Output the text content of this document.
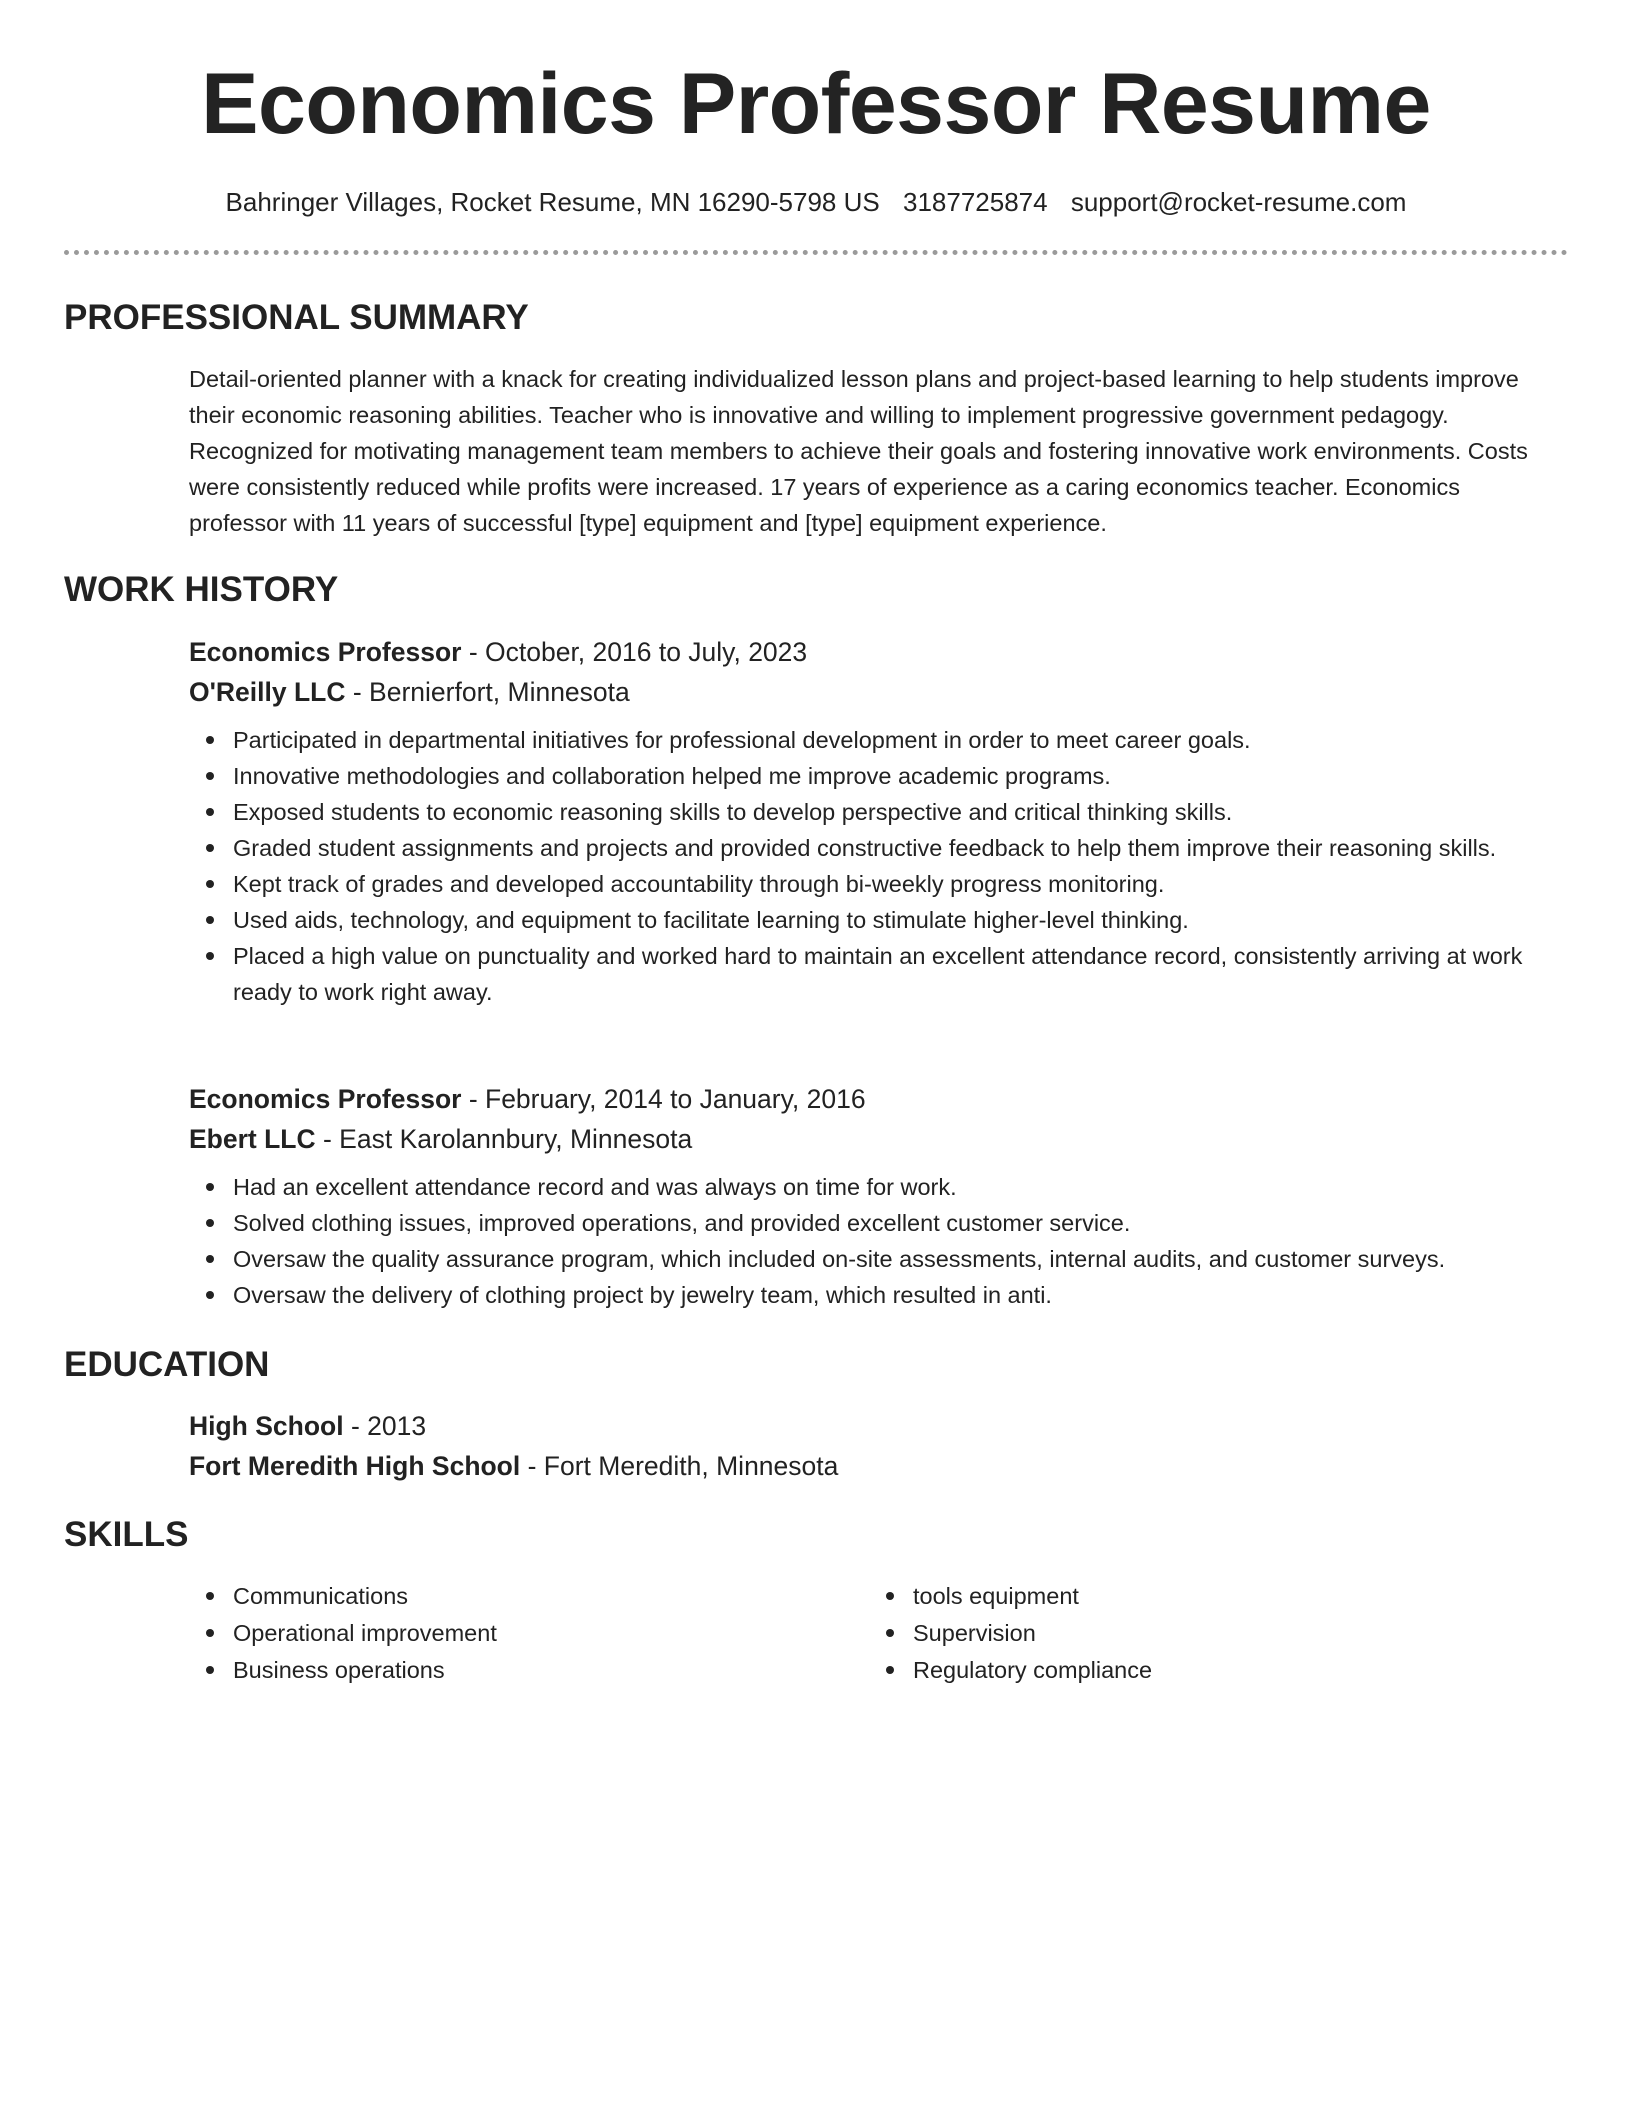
Economics Professor Resume
Bahringer Villages, Rocket Resume, MN 16290-5798 US 3187725874 support@rocket-resume.com
PROFESSIONAL SUMMARY

Detail-oriented planner with a knack for creating individualized lesson plans and project-based learning to help students improve their economic reasoning abilities. Teacher who is innovative and willing to implement progressive government pedagogy. Recognized for motivating management team members to achieve their goals and fostering innovative work environments. Costs were consistently reduced while profits were increased. 17 years of experience as a caring economics teacher. Economics professor with 11 years of successful [type] equipment and [type] equipment experience.

WORK HISTORY

Economics Professor - October, 2016 to July, 2023

O'Reilly LLC - Bernierfort, Minnesota

Participated in departmental initiatives for professional development in order to meet career goals.
Innovative methodologies and collaboration helped me improve academic programs.
Exposed students to economic reasoning skills to develop perspective and critical thinking skills.
Graded student assignments and projects and provided constructive feedback to help them improve their reasoning skills.
Kept track of grades and developed accountability through bi-weekly progress monitoring.
Used aids, technology, and equipment to facilitate learning to stimulate higher-level thinking.
Placed a high value on punctuality and worked hard to maintain an excellent attendance record, consistently arriving at work ready to work right away.

Economics Professor - February, 2014 to January, 2016

Ebert LLC - East Karolannbury, Minnesota

Had an excellent attendance record and was always on time for work.
Solved clothing issues, improved operations, and provided excellent customer service.
Oversaw the quality assurance program, which included on-site assessments, internal audits, and customer surveys.
Oversaw the delivery of clothing project by jewelry team, which resulted in anti.
EDUCATION

High School - 2013

Fort Meredith High School - Fort Meredith, Minnesota

SKILLS
Communications
Operational improvement
Business operations
tools equipment
Supervision
Regulatory compliance
